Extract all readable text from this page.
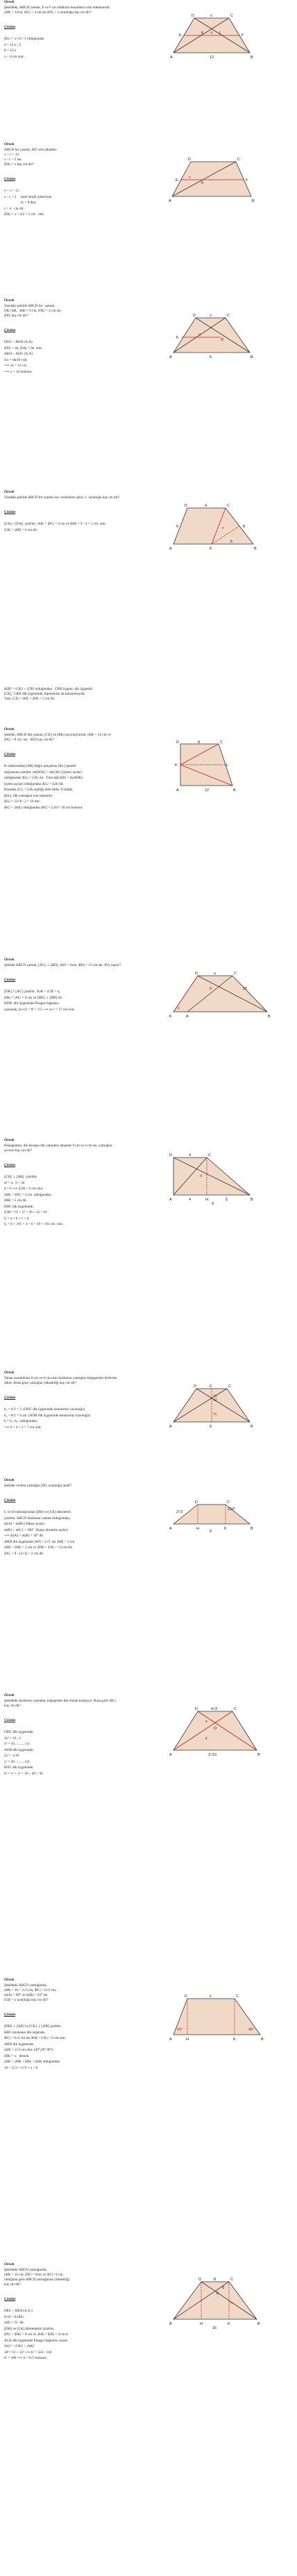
Örnek
Şekildeki, ABCD yamuk, E ve F air oldukları kenarların orta noktalarıdır.
|AB| = 12cm, |KL| = 4 cm ise |DC| = x uzunluğu kaç cm dir?
Çözüm
|KL| = x+12 / 2 olduğundan
4 = 12-x / 2
8 = 12-x
x = 4 cm olur.
D	x	C
E	K 4 L	F
A	12	B
Örnek
ABCD bir yamuk, |EF| orta tabandır.
x + c = 13
x - c = 5 ise,
|EK| = x kaç cm dir?
Çözüm
x + c = 13
x - c = 5     taraf tarafa çıkarırsak
2c = 8 den,
c = 4   cm dir.
|EK| = x = 4/2 = 2 cm   olur.
D	C
E
x
K
F
A	B
Örnek
Yandaki şekilde ABCD bir  yamuk,
OK//AB,  |AB| = 6 cm, |OK| = 4 cm ise,
|DC| kaç cm dir?
Çözüm
DOC ~ BOA (A.A)
|DO| = xk, |OA| = 6k  olur.
AKO ~ ADC (A.A)
4/x = 6k/(6+x)k
⟹ 3x = 12+2x
⟹ x = 12 bulunur.
D	x	C
K
4
O
A	6	B
Örnek
Yandaki şekilde ABCD bir yamuk ise; verilenlere göre, x  uzunluğu kaç cm dir?
Çözüm
[CK] // [DA]  çizelim. |AK| = |DC| = 4 cm ve |KB| = 9 - 4 = 5 cm. olur
|CK| = |AD| = 6 cm dir.
D	C
A	K	B
4
6	8
x
5
|KB|² = |CK|² + |CB|² olduğundan   CKB üçgeni, dik üçgendir.
[CE],  CKB dik üçgeninde, hipotenüse ait kenarortaydır.
Yani, |CE| = |KE| = |EB| = 5 cm dir.
Örnek
Şekilde, ABCD dik yamuk, [CK] ve [BK] açıortaylarıdır. |AB| = 12 cm ve
|DC| = 8 cm  ise,  |KD| kaç cm dir?
Çözüm
K noktasından [AB] doğru parçasına [KL] paralel
doğrusunu çizelim. m(DCK) = m(CKL) (içters açılar)
olduğundan |KL| = |CK| dır.  Yine m(LKB) = m(ABK)
(içters açılar) olduğundan |KL| = |LB| dir.
Buradan |CL| = |LB| eşitliği elde edilir. O hâlde,
[KL], dik yamuğun orta tabanıdır.
|KL| = 12+8 / 2 = 10 dur.
|BC| = 2|KL| olduğundan |BC| = 2.10 = 20 cm bulunur.
D	8	C
K	L
A	12	B
Örnek
Şekilde ABCD yamuk, [AC] ⊥ [BD], |AO| = 8cm, |BD| = 15 cm ise; AVç kaçtır?
Çözüm
[DK] // [AC] çizelim.  KAl = |CD| = a,
|DK| = |AC| = 8 cm ve [DK] ⊥ [DB] dir.
KDB  dik üçgeninde Pisagor bağıntısı
yazarsak, (a+c)² = 8² + 15² ⟹ a+c = 17 cm olur.
D	a	C
A	B
8	15
K
c
Örnek
Köşegenleri, dik kesişen dik yamukta, tabanlar 9 cm ve 4 cm ise, yamuğun
çevresi kaç cm dir?
Çözüm
[CH] ⊥ [AB]  çizelim.
d² = 4 . 9 = 36
d = 6 ⟹ |CH| = 6 cm olur.
|AH| = |DC| = 4 cm  olduğundan,
|HB| = 5 cm dir.
BHC dik üçgeninde,
|CB|² = 6² + 5² = 36 + 25 = 61
Ç = a + b + c + d
Ç = 9 + √61 + 4 + 6 = 19 + √61 cm  olur.
D	4	C
d
A	4	H	5	B
9
Örnek
Taban uzunlukları 8 cm ve 6 cm olan ikizkenar yamuğun köşegenleri birbirine
diktir. Buna göre yamuğun yüksekliği kaç cm dir?
Çözüm
h₁ = 6/2 = 3  (DOC dik üçgeninde kenarortay uzunluğu)
h₂ = 8/2 = 4 cm  (AOB dik üçgeninde kenarortay uzunluğu)
h = h₁+h₂  olduğundan,
⟹ h = 4 + 3 = 7 cm olur.
D	6	C
O
h₁
h₂
A	8	B
Örnek
Şekilde verilen yamuğun |DC| uzunluğu nedir?
Çözüm
C ve D noktalarından [DH] ve [CK] dikmeleri
çizelim. ABCD ikizkenar yamuk olduğundan,
m(A) = m(B) (Taban açılar)
m(B) + m(C) = 180°  (Karşı durumlu açılar)
⟹ m(A) = m(B) = 30° dir.
AHD dik üçgeninde |AD| = 2√3  ise |AH| = 3 cm
|AH| = |KB| = 3 cm ve |DH| = |CK| = √3 cm dir.
|DC| = 8 - (3+3) = 2 cm dir.
D	C
2√3
150°
A	H	K	B
8
Örnek
Şekildeki ikizkenar yamukta, köşegenler dik olarak kesişiyor. Buna göre |BC|
kaç cm dir?
Çözüm
ODC dik üçgeninde,
2x² = 16 . 2
x² = 16 .......... (1)
AOB dik üçgeninde,
2y² = 4.10
y² = 20 .......... (2)
BOC dik üçgeninde,
b² = x² + y² = 16 + 20 = 36
D	4√2	C
O
x
y
A	2√10	B
Örnek
Şekildeki ABCD yamuğunda,
|AB| = 10 + 2√3 cm, |BC| = 6√2 cm,
m(A) = 60° ve m(B) = 45° ise
|CD| = x uzunluğu kaç cm dir?
Çözüm
[DH] ⊥ [AB] ve [CK] ⊥ [AB] çizelim.
KBC ikizkenar dik üçgende,
|BC| = 6√2 cm ise |KB| = |CK| = 6 cm olur.
AHD dik üçgeninde,
|AH| = 2√3 cm olur. (30°,60°,90°)
|HK| = x   dersek,
|AB| = |AH| + |HK| + |KB| olduğundan
10 + 2√3 = 2√3 + x + 6
D	x	C
60°	45°
A	H	K	B
Örnek
Şekildeki ABCD yamuğunda,
|AB| = 16 cm, |DC| = 8cm ve |EC|= 6 cm
olduğuna göre ABCD yamuğunun yüksekliği
kaç cm dir?
Çözüm
DEC ~ BEA (A.A.)
8/16 = 6/|AE|
|AE| = 12  dir.
[DH] ve [CK] dikmelerini çizelim.
|DC| = |HK| = 8 cm ve |AH| = |KB| = 4 cm d
ACK dik üçgeninde Pisagor bağıntısı yazalı
|AC|² = |CK|² + |AK|²
18² = h² + 12² ⟹ h² = 324 - 144
h² = 180 ⟹ h = 6√5 bulunur.
D	8	C
E
6
h
A	H	K	B
16
